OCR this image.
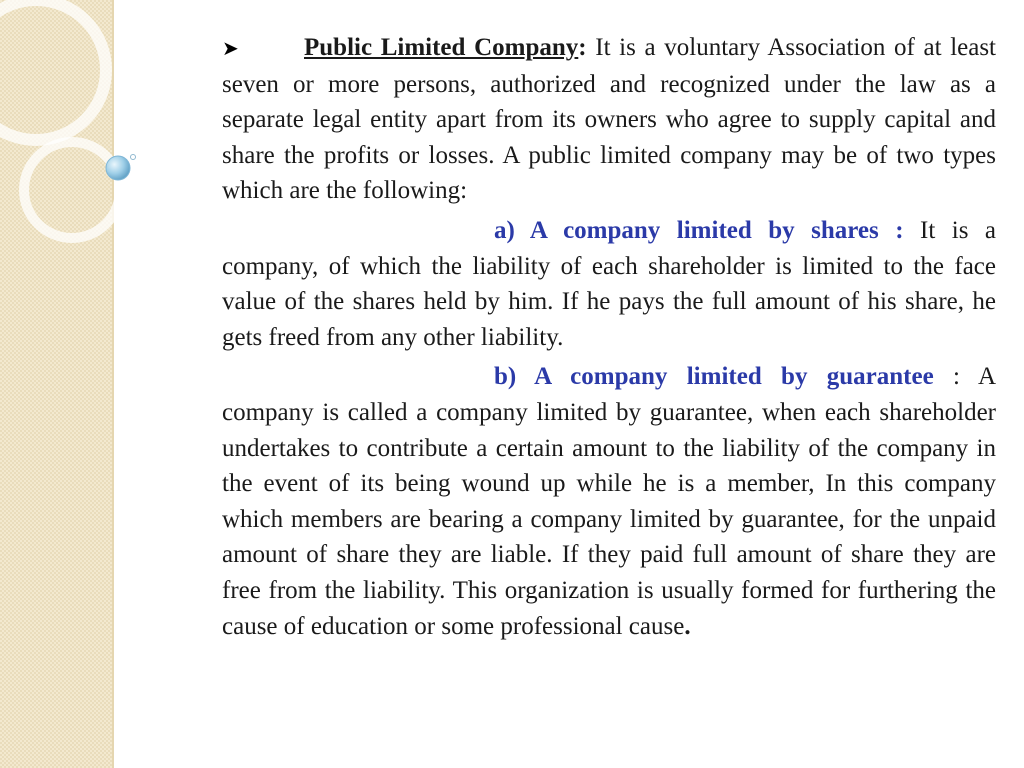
➤	Public Limited Company: It is a voluntary Association of at least seven or more persons, authorized and recognized under the law as a separate legal entity apart from its owners who agree to supply capital and share the profits or losses. A public limited company may be of two types which are the following:

a) A company limited by shares : It is a company, of which the liability of each shareholder is limited to the face value of the shares held by him. If he pays the full amount of his share, he gets freed from any other liability.

b) A company limited by guarantee : A company is called a company limited by guarantee, when each shareholder undertakes to contribute a certain amount to the liability of the company in the event of its being wound up while he is a member, In this company which members are bearing a company limited by guarantee, for the unpaid amount of share they are liable. If they paid full amount of share they are free from the liability. This organization is usually formed for furthering the cause of education or some professional cause.
